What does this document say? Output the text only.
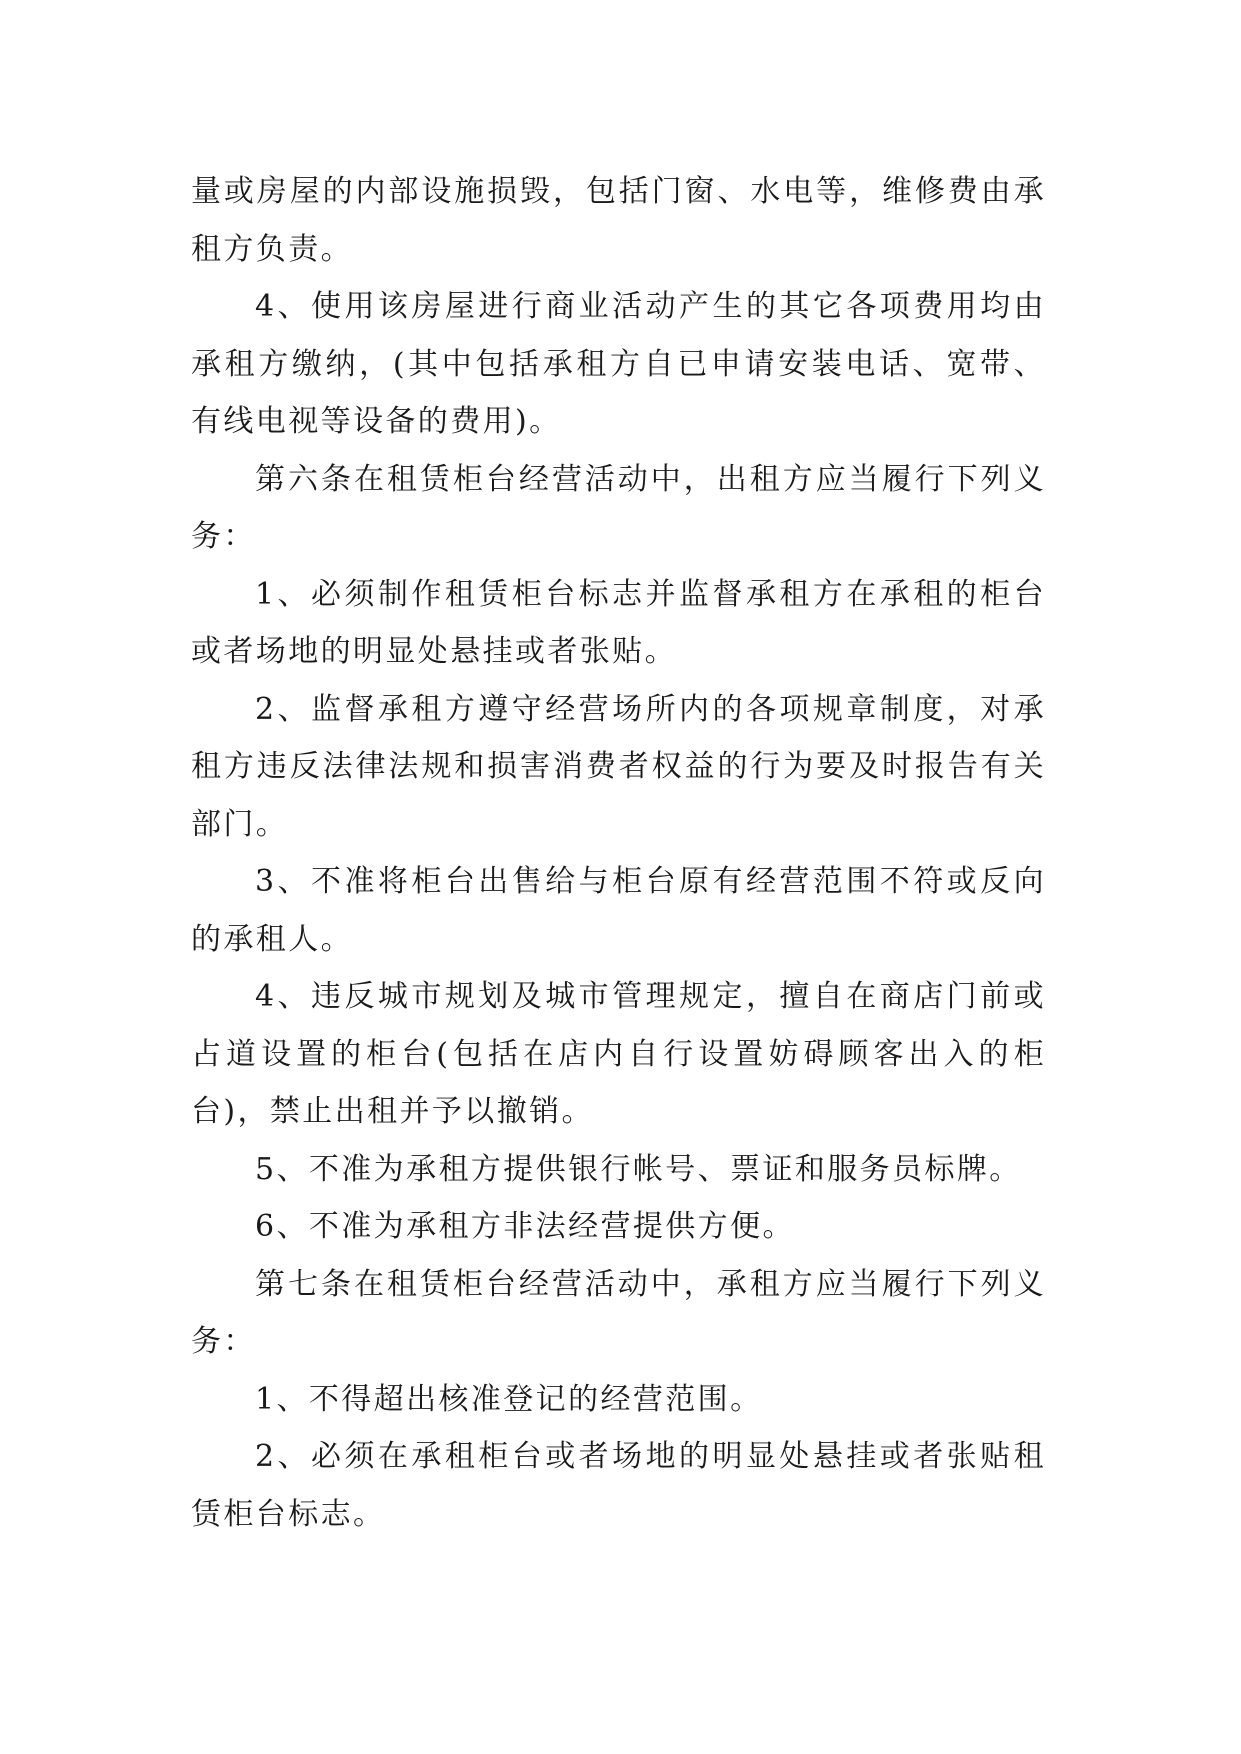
量或房屋的内部设施损毁，包括门窗、水电等，维修费由承租方负责。

4、使用该房屋进行商业活动产生的其它各项费用均由承租方缴纳，(其中包括承租方自已申请安装电话、宽带、有线电视等设备的费用)。

第六条在租赁柜台经营活动中，出租方应当履行下列义务：

1、必须制作租赁柜台标志并监督承租方在承租的柜台或者场地的明显处悬挂或者张贴。

2、监督承租方遵守经营场所内的各项规章制度，对承租方违反法律法规和损害消费者权益的行为要及时报告有关部门。

3、不准将柜台出售给与柜台原有经营范围不符或反向的承租人。

4、违反城市规划及城市管理规定，擅自在商店门前或占道设置的柜台(包括在店内自行设置妨碍顾客出入的柜台)，禁止出租并予以撤销。

5、不准为承租方提供银行帐号、票证和服务员标牌。

6、不准为承租方非法经营提供方便。

第七条在租赁柜台经营活动中，承租方应当履行下列义务：

1、不得超出核准登记的经营范围。

2、必须在承租柜台或者场地的明显处悬挂或者张贴租赁柜台标志。
